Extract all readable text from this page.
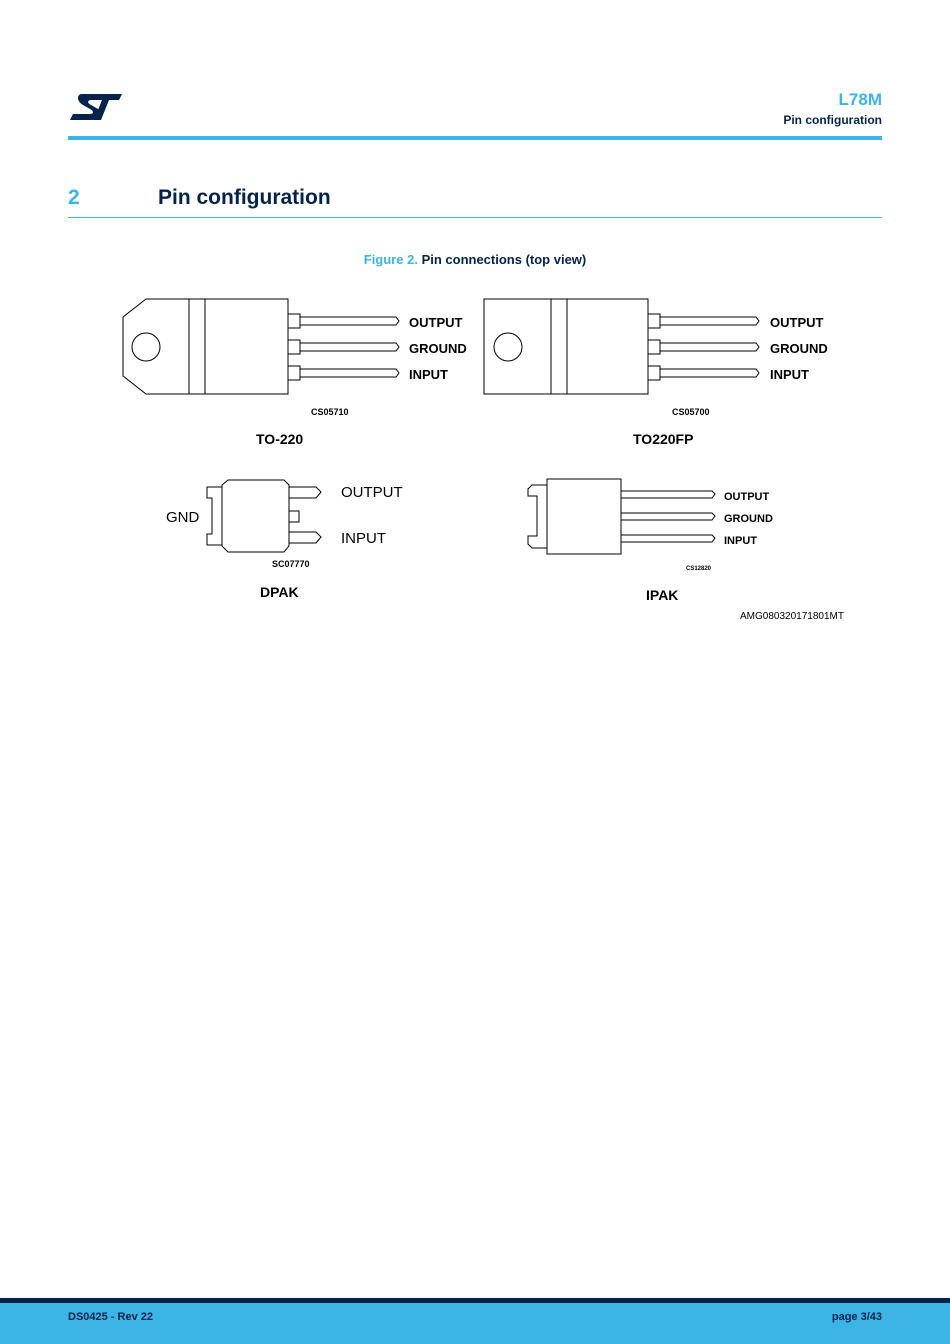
ST	L78M
Pin configuration
2	Pin configuration
Figure 2. Pin connections (top view)
OUTPUT
GROUND
INPUT
CS05710
TO-220
OUTPUT
GROUND
INPUT
CS05700
TO220FP
GND
OUTPUT
INPUT
SC07770
DPAK
OUTPUT
GROUND
INPUT
CS12820
IPAK
AMG080320171801MT
DS0425 - Rev 22	page 3/43
